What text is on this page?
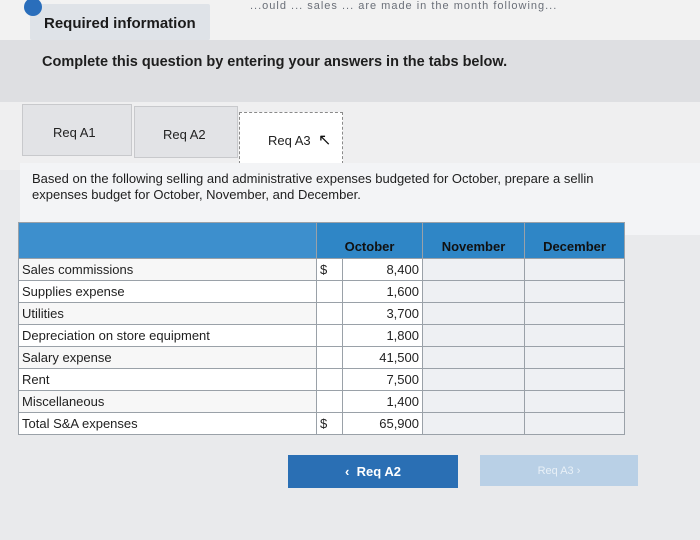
...ould ... sales ... are made in the month following...
Required information
Complete this question by entering your answers in the tabs below.
Req A1	Req A2	Req A3 ↖

Based on the following selling and administrative expenses budgeted for October, prepare a sellin
expenses budget for October, November, and December.

	October		November	December
Sales commissions	$	8,400		
Supplies expense		1,600		
Utilities		3,700		
Depreciation on store equipment		1,800		
Salary expense		41,500		
Rent		7,500		
Miscellaneous		1,400		
Total S&A expenses	$	65,900		
‹ Req A2	Req A3 ›
